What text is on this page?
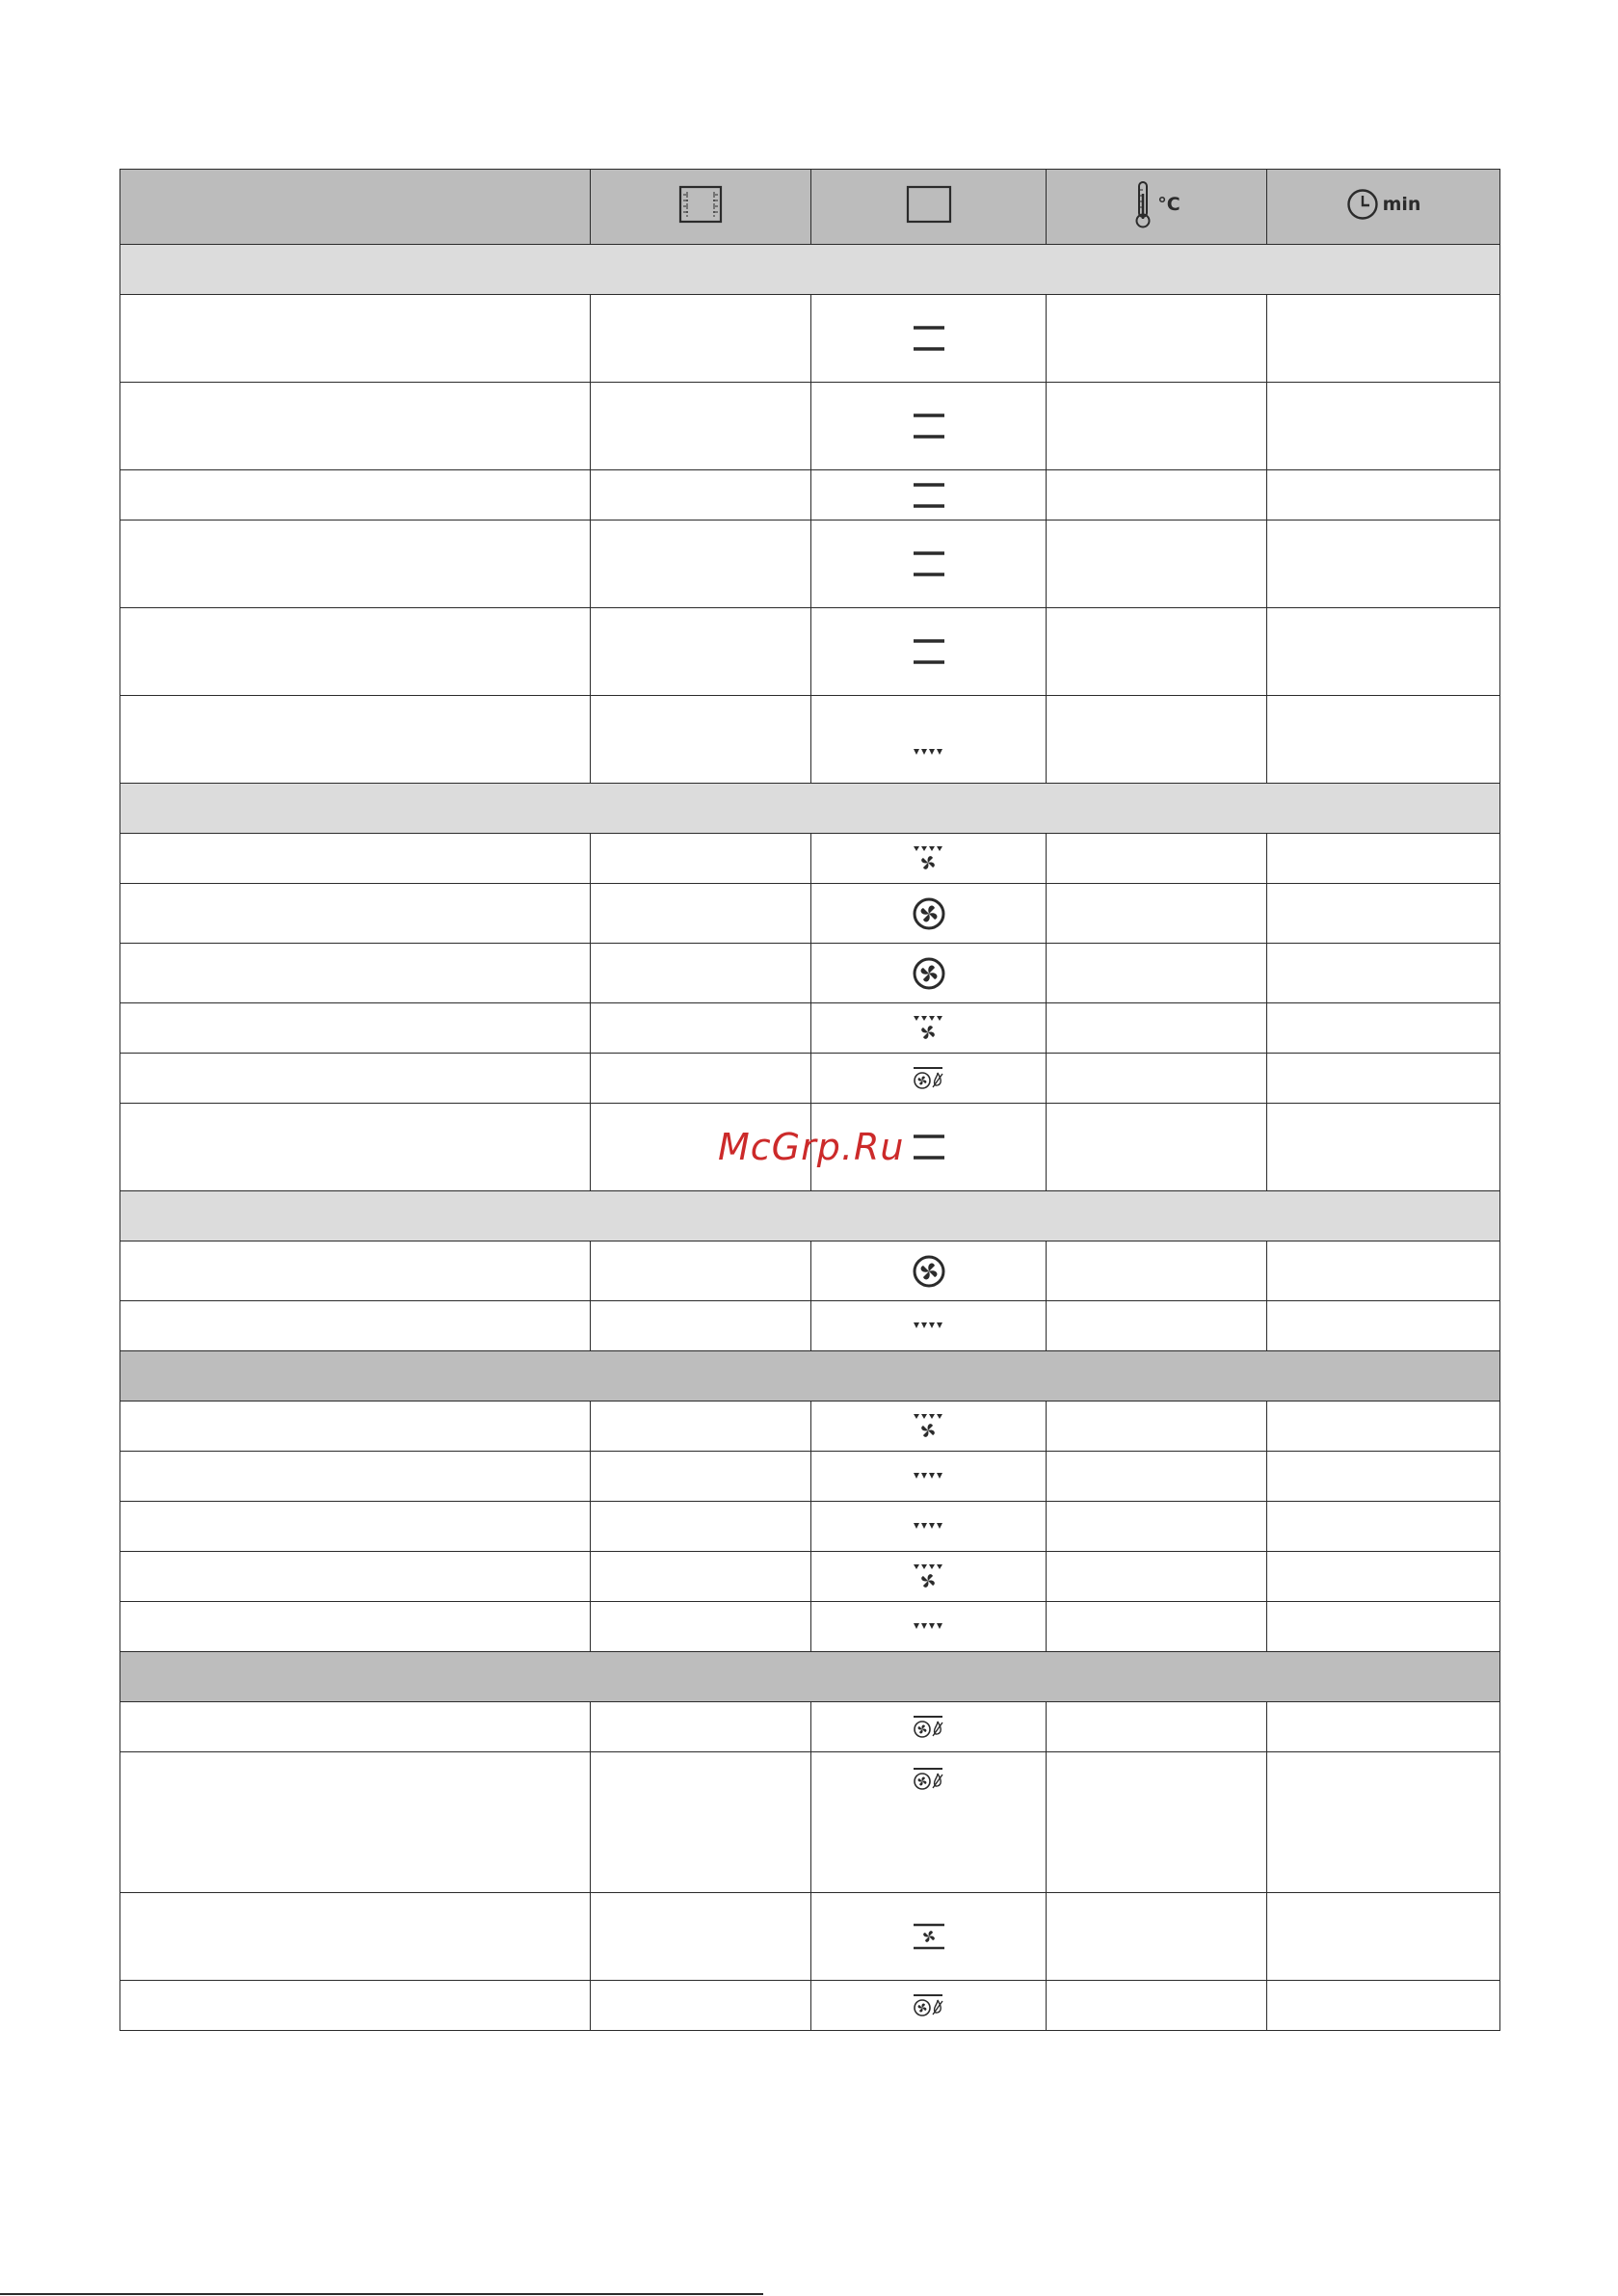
°C	min

McGrp.Ru
